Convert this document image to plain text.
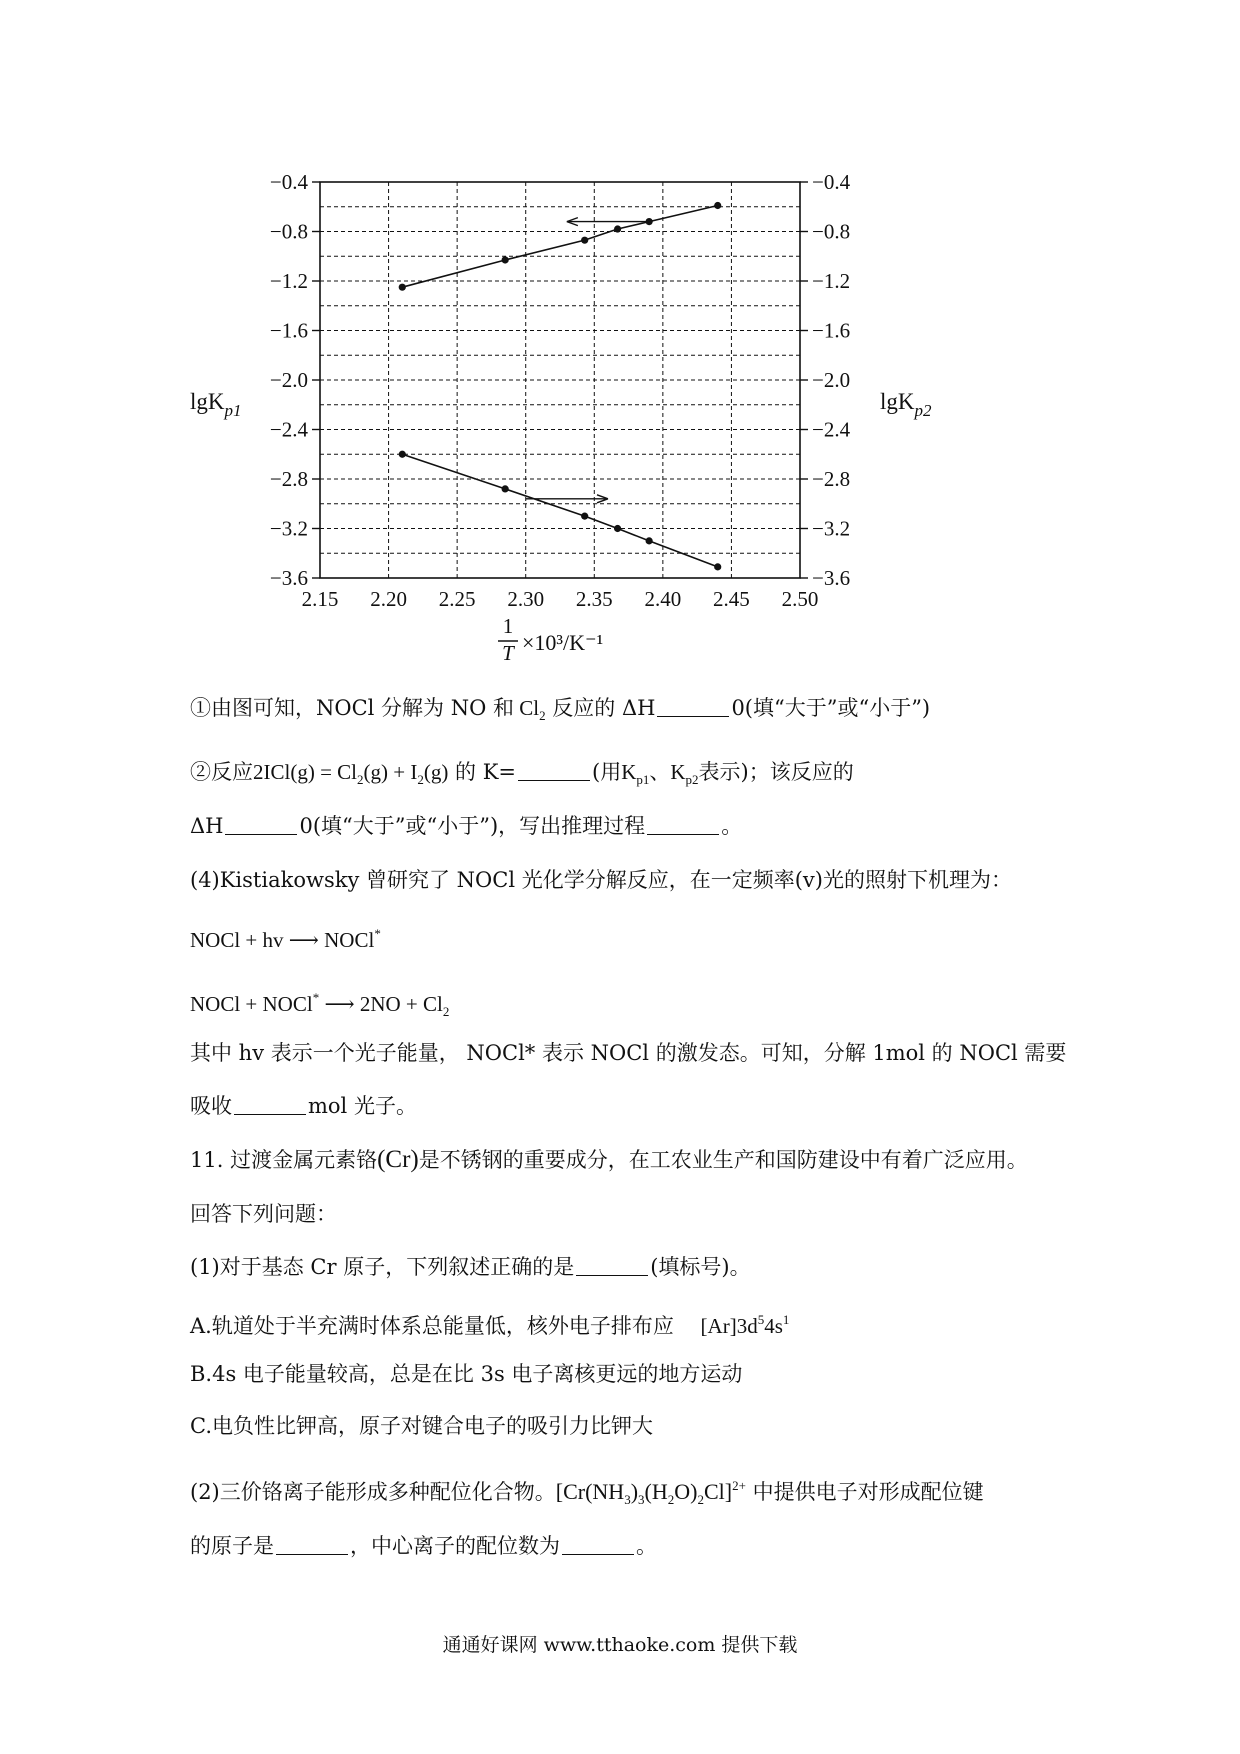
2.15 2.20 2.25 2.30 2.35 2.40 2.45 2.50
−0.4	−0.4
−0.8	−0.8
−1.2	−1.2
−1.6	−1.6
−2.0	−2.0
−2.4	−2.4
−2.8	−2.8
−3.2	−3.2
−3.6	−3.6
lgK$_{p1}$	lgK$_{p2}$
1
T ×10³/K⁻¹
①由图可知，NOCl 分解为 NO 和 $Cl_2$ 反应的 ΔH	0(填“大于”或“小于”)
②反应$2ICl(g) = Cl_2(g) + I_2(g)$ 的 K=	(用$K_{p1}$、$K_{p2}$表示)；该反应的
ΔH	0(填“大于”或“小于”)，写出推理过程	。
(4)Kistiakowsky 曾研究了 NOCl 光化学分解反应，在一定频率(v)光的照射下机理为：
NOCl + hv ⟶ NOCl*
NOCl + NOCl* ⟶ $2NO + Cl_2$
其中 hv 表示一个光子能量， NOCl* 表示 NOCl 的激发态。可知，分解 1mol 的 NOCl 需要
吸收	mol 光子。
11. 过渡金属元素铬(Cr)是不锈钢的重要成分，在工农业生产和国防建设中有着广泛应用。
回答下列问题：
(1)对于基态 Cr 原子，下列叙述正确的是	(填标号)。
A.轨道处于半充满时体系总能量低，核外电子排布应 $[Ar]3d^54s^1$
B.4s 电子能量较高，总是在比 3s 电子离核更远的地方运动
C.电负性比钾高，原子对键合电子的吸引力比钾大
(2)三价铬离子能形成多种配位化合物。$[Cr(NH_3)_3(H_2O)_2Cl]^{2+}$ 中提供电子对形成配位键
的原子是	，中心离子的配位数为	。
通通好课网 www.tthaoke.com 提供下载
